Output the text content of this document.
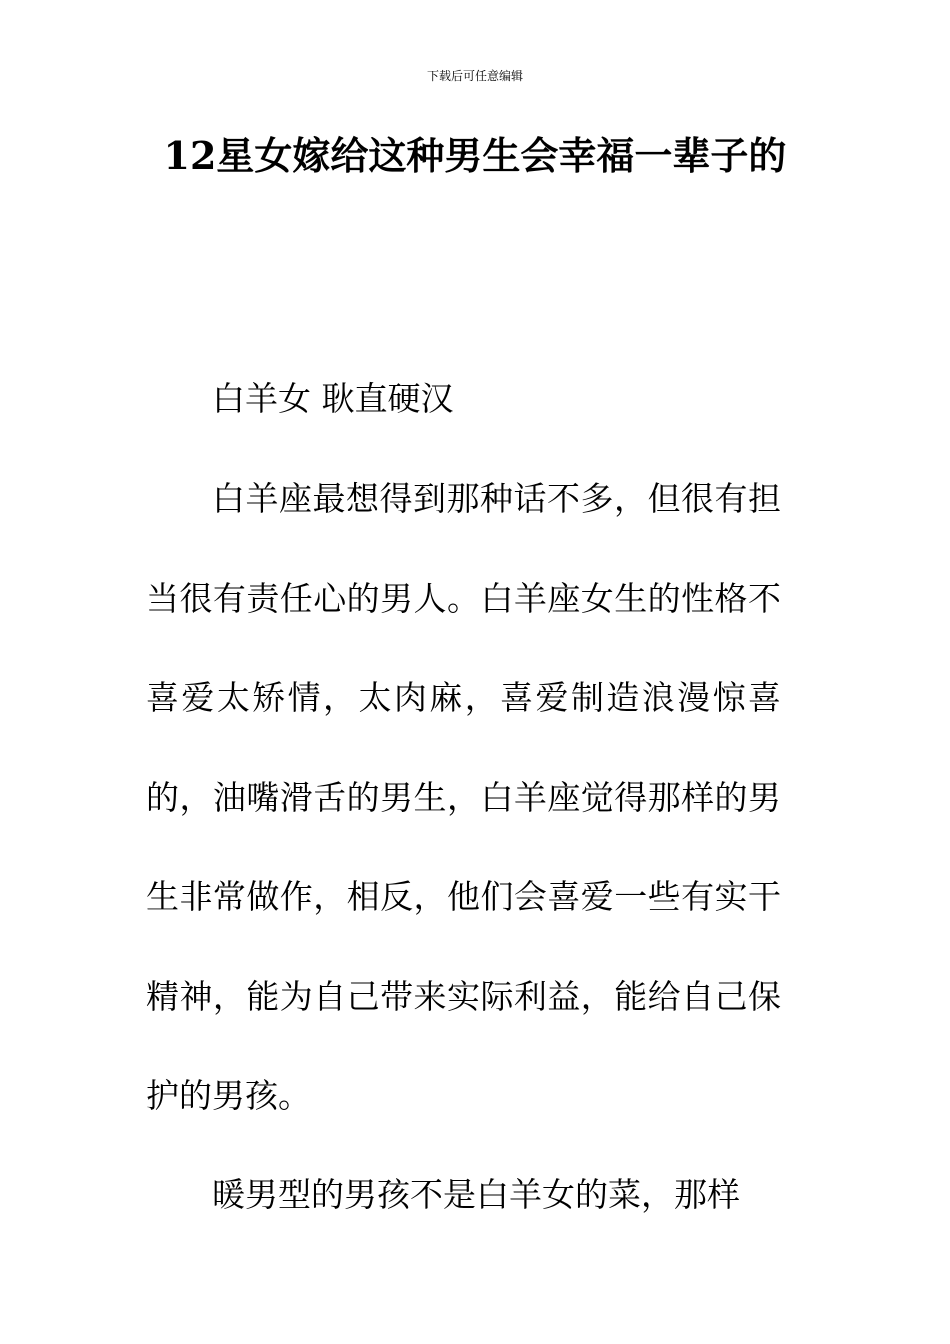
下载后可任意编辑
12星女嫁给这种男生会幸福一辈子的

白羊女 耿直硬汉

白羊座最想得到那种话不多，但很有担当很有责任心的男人。白羊座女生的性格不喜爱太矫情，太肉麻，喜爱制造浪漫惊喜的，油嘴滑舌的男生，白羊座觉得那样的男生非常做作，相反，他们会喜爱一些有实干精神，能为自己带来实际利益，能给自己保护的男孩。

暖男型的男孩不是白羊女的菜，那样
